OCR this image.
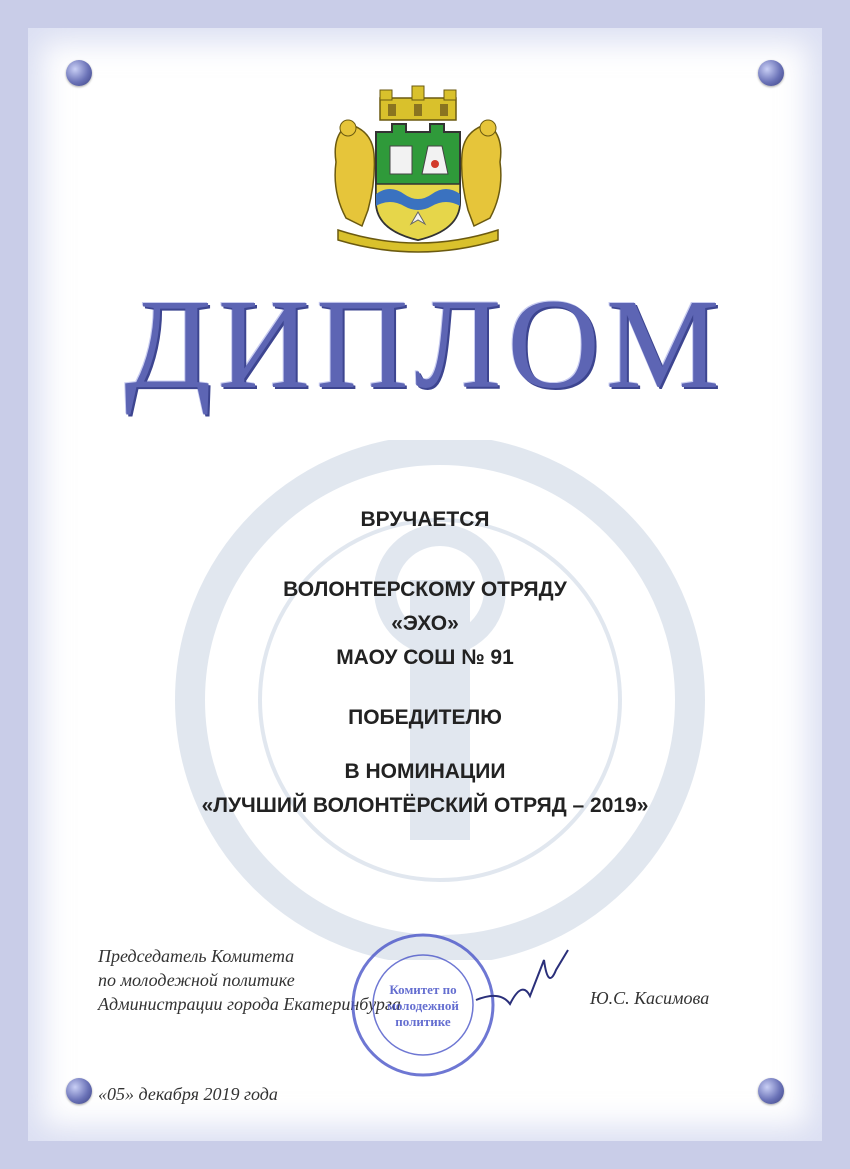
ДИПЛОМ
ВРУЧАЕТСЯ
ВОЛОНТЕРСКОМУ ОТРЯДУ
«ЭХО»
МАОУ СОШ № 91
ПОБЕДИТЕЛЮ
В НОМИНАЦИИ
«ЛУЧШИЙ ВОЛОНТЁРСКИЙ ОТРЯД – 2019»
Председатель Комитета
по молодежной политике
Администрации города Екатеринбурга
Комитет по
молодежной
политике
Ю.С. Касимова
«05» декабря 2019 года
